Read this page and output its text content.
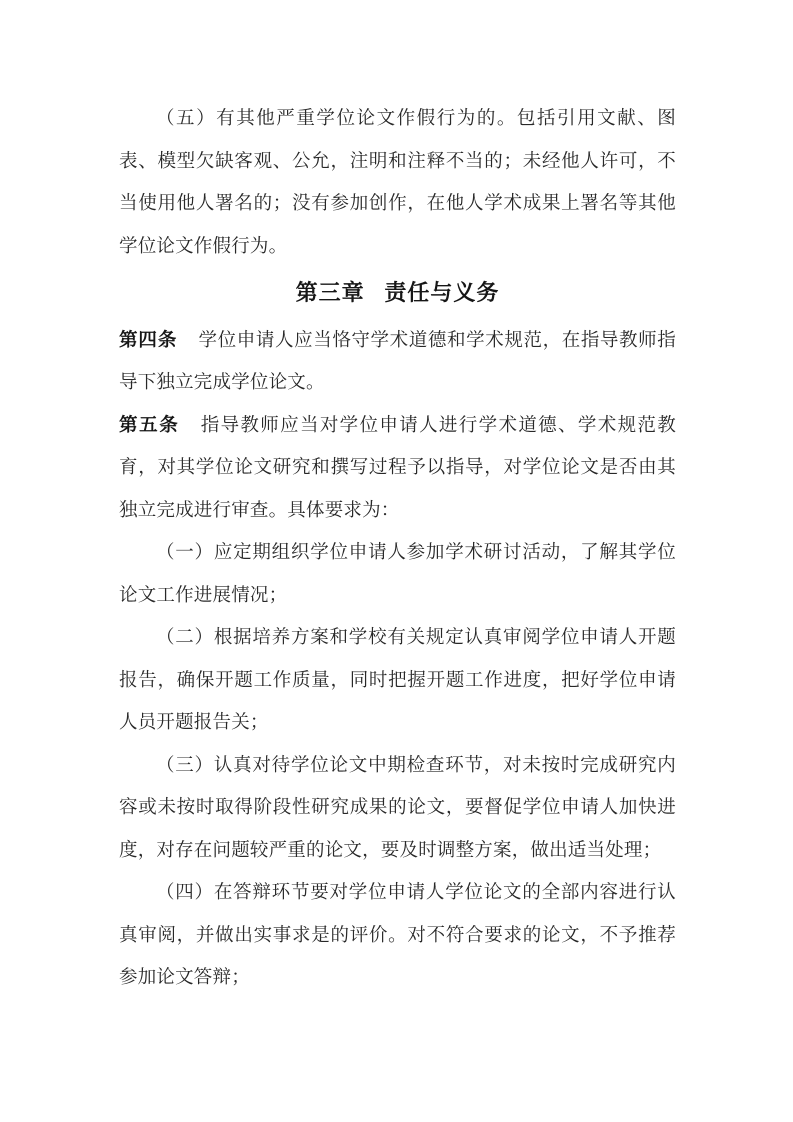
（五）有其他严重学位论文作假行为的。包括引用文献、图表、模型欠缺客观、公允，注明和注释不当的；未经他人许可，不当使用他人署名的；没有参加创作，在他人学术成果上署名等其他学位论文作假行为。

第三章 责任与义务

第四条 学位申请人应当恪守学术道德和学术规范，在指导教师指导下独立完成学位论文。

第五条 指导教师应当对学位申请人进行学术道德、学术规范教育，对其学位论文研究和撰写过程予以指导，对学位论文是否由其独立完成进行审查。具体要求为：

（一）应定期组织学位申请人参加学术研讨活动，了解其学位论文工作进展情况；

（二）根据培养方案和学校有关规定认真审阅学位申请人开题报告，确保开题工作质量，同时把握开题工作进度，把好学位申请人员开题报告关；

（三）认真对待学位论文中期检查环节，对未按时完成研究内容或未按时取得阶段性研究成果的论文，要督促学位申请人加快进度，对存在问题较严重的论文，要及时调整方案，做出适当处理；

（四）在答辩环节要对学位申请人学位论文的全部内容进行认真审阅，并做出实事求是的评价。对不符合要求的论文，不予推荐参加论文答辩；
